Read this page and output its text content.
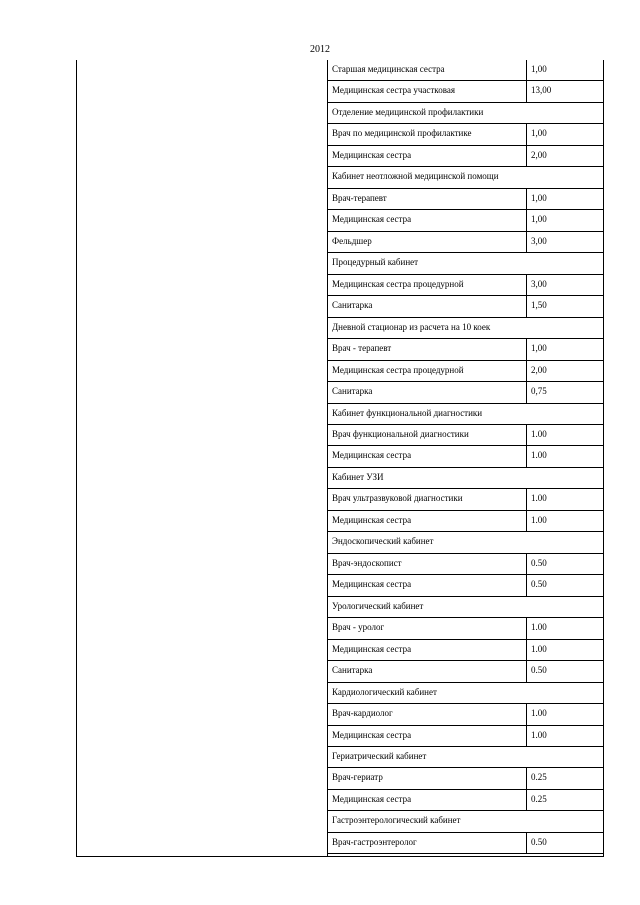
2012
Старшая медицинская сестра	1,00
Медицинская сестра участковая	13,00
Отделение медицинской профилактики
Врач по медицинской профилактике	1,00
Медицинская сестра	2,00
Кабинет неотложной медицинской помощи
Врач-терапевт	1,00
Медицинская сестра	1,00
Фельдшер	3,00
Процедурный кабинет
Медицинская сестра процедурной	3,00
Санитарка	1,50
Дневной стационар из расчета на 10 коек
Врач - терапевт	1,00
Медицинская сестра процедурной	2,00
Санитарка	0,75
Кабинет функциональной диагностики
Врач функциональной диагностики	1.00
Медицинская сестра	1.00
Кабинет УЗИ
Врач ультразвуковой диагностики	1.00
Медицинская сестра	1.00
Эндоскопический кабинет
Врач-эндоскопист	0.50
Медицинская сестра	0.50
Урологический кабинет
Врач - уролог	1.00
Медицинская сестра	1.00
Санитарка	0.50
Кардиологический кабинет
Врач-кардиолог	1.00
Медицинская сестра	1.00
Гериатрический кабинет
Врач-гериатр	0.25
Медицинская сестра	0.25
Гастроэнтерологический кабинет
Врач-гастроэнтеролог	0.50
